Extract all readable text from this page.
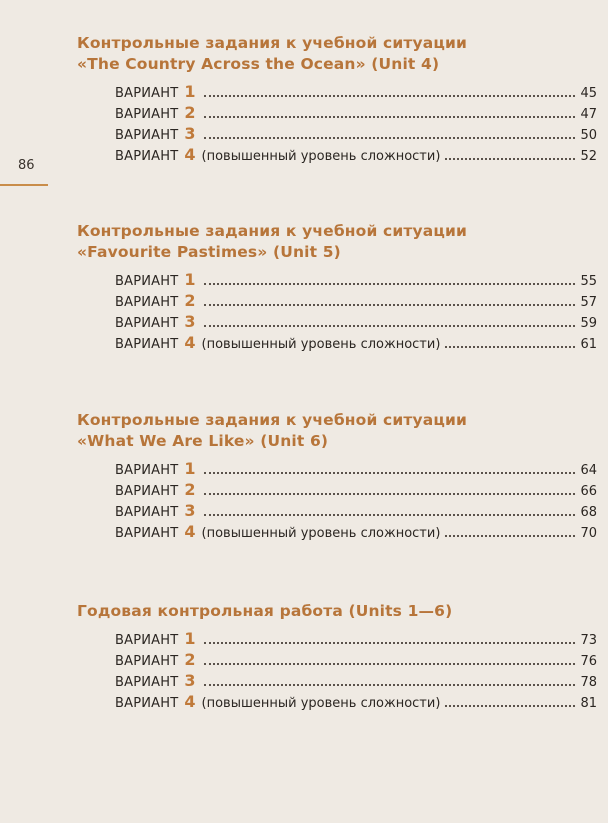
86
Контрольные задания к учебной ситуации
«The Country Across the Ocean» (Unit 4)
ВАРИАНТ 1	45
ВАРИАНТ 2	47
ВАРИАНТ 3	50
ВАРИАНТ 4 (повышенный уровень сложности)	52
Контрольные задания к учебной ситуации
«Favourite Pastimes» (Unit 5)
ВАРИАНТ 1	55
ВАРИАНТ 2	57
ВАРИАНТ 3	59
ВАРИАНТ 4 (повышенный уровень сложности)	61
Контрольные задания к учебной ситуации
«What We Are Like» (Unit 6)
ВАРИАНТ 1	64
ВАРИАНТ 2	66
ВАРИАНТ 3	68
ВАРИАНТ 4 (повышенный уровень сложности)	70
Годовая контрольная работа (Units 1—6)
ВАРИАНТ 1	73
ВАРИАНТ 2	76
ВАРИАНТ 3	78
ВАРИАНТ 4 (повышенный уровень сложности)	81
